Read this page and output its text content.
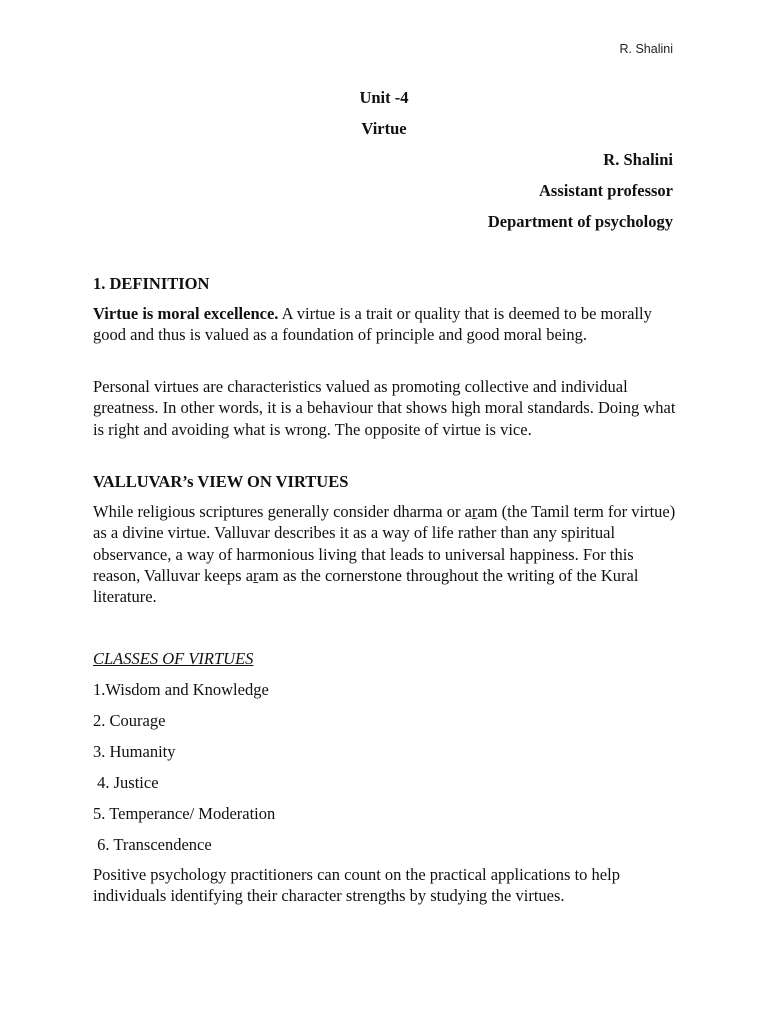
R. Shalini
Unit -4
Virtue
R. Shalini
Assistant professor
Department of psychology
1. DEFINITION
Virtue is moral excellence. A virtue is a trait or quality that is deemed to be morally good and thus is valued as a foundation of principle and good moral being.
Personal virtues are characteristics valued as promoting collective and individual greatness. In other words, it is a behaviour that shows high moral standards. Doing what is right and avoiding what is wrong. The opposite of virtue is vice.
VALLUVAR’s VIEW ON VIRTUES
While religious scriptures generally consider dharma or aṟam (the Tamil term for virtue) as a divine virtue. Valluvar describes it as a way of life rather than any spiritual observance, a way of harmonious living that leads to universal happiness. For this reason, Valluvar keeps aṟam as the cornerstone throughout the writing of the Kural literature.
CLASSES OF VIRTUES
1.Wisdom and Knowledge
2. Courage
3. Humanity
4. Justice
5. Temperance/ Moderation
6. Transcendence
Positive psychology practitioners can count on the practical applications to help individuals identifying their character strengths by studying the virtues.
